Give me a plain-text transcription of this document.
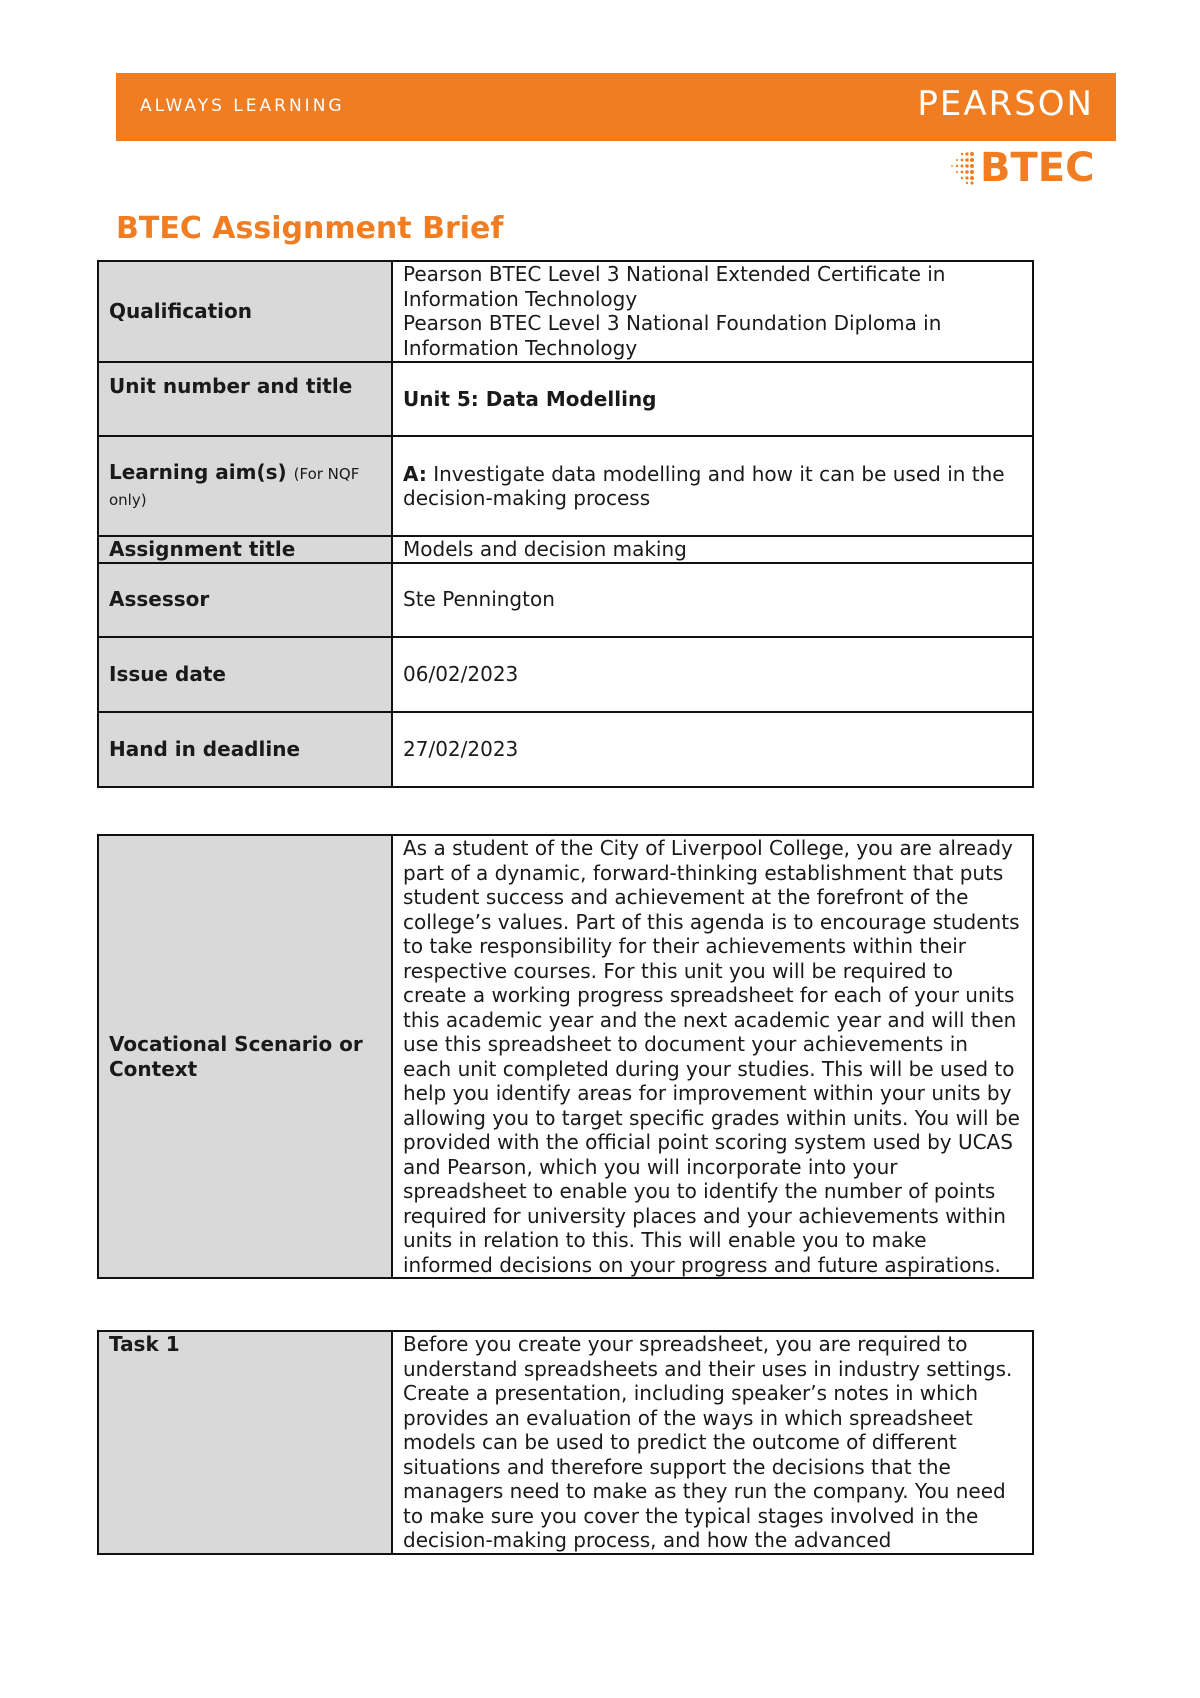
ALWAYS LEARNING	PEARSON
BTEC
BTEC Assignment Brief
Qualification	Pearson BTEC Level 3 National Extended Certificate in Information Technology
Pearson BTEC Level 3 National Foundation Diploma in Information Technology

Unit number and title	Unit 5: Data Modelling
Learning aim(s) (For NQF only)	A: Investigate data modelling and how it can be used in the decision-making process
Assignment title	Models and decision making
Assessor	Ste Pennington
Issue date	06/02/2023
Hand in deadline	27/02/2023
Vocational Scenario or Context	As a student of the City of Liverpool College, you are already part of a dynamic, forward-thinking establishment that puts student success and achievement at the forefront of the college’s values. Part of this agenda is to encourage students to take responsibility for their achievements within their respective courses. For this unit you will be required to create a working progress spreadsheet for each of your units this academic year and the next academic year and will then use this spreadsheet to document your achievements in each unit completed during your studies. This will be used to help you identify areas for improvement within your units by allowing you to target specific grades within units. You will be provided with the official point scoring system used by UCAS and Pearson, which you will incorporate into your spreadsheet to enable you to identify the number of points required for university places and your achievements within units in relation to this. This will enable you to make informed decisions on your progress and future aspirations.
Task 1	Before you create your spreadsheet, you are required to understand spreadsheets and their uses in industry settings.
Create a presentation, including speaker’s notes in which provides an evaluation of the ways in which spreadsheet models can be used to predict the outcome of different situations and therefore support the decisions that the managers need to make as they run the company. You need to make sure you cover the typical stages involved in the decision-making process, and how the advanced
